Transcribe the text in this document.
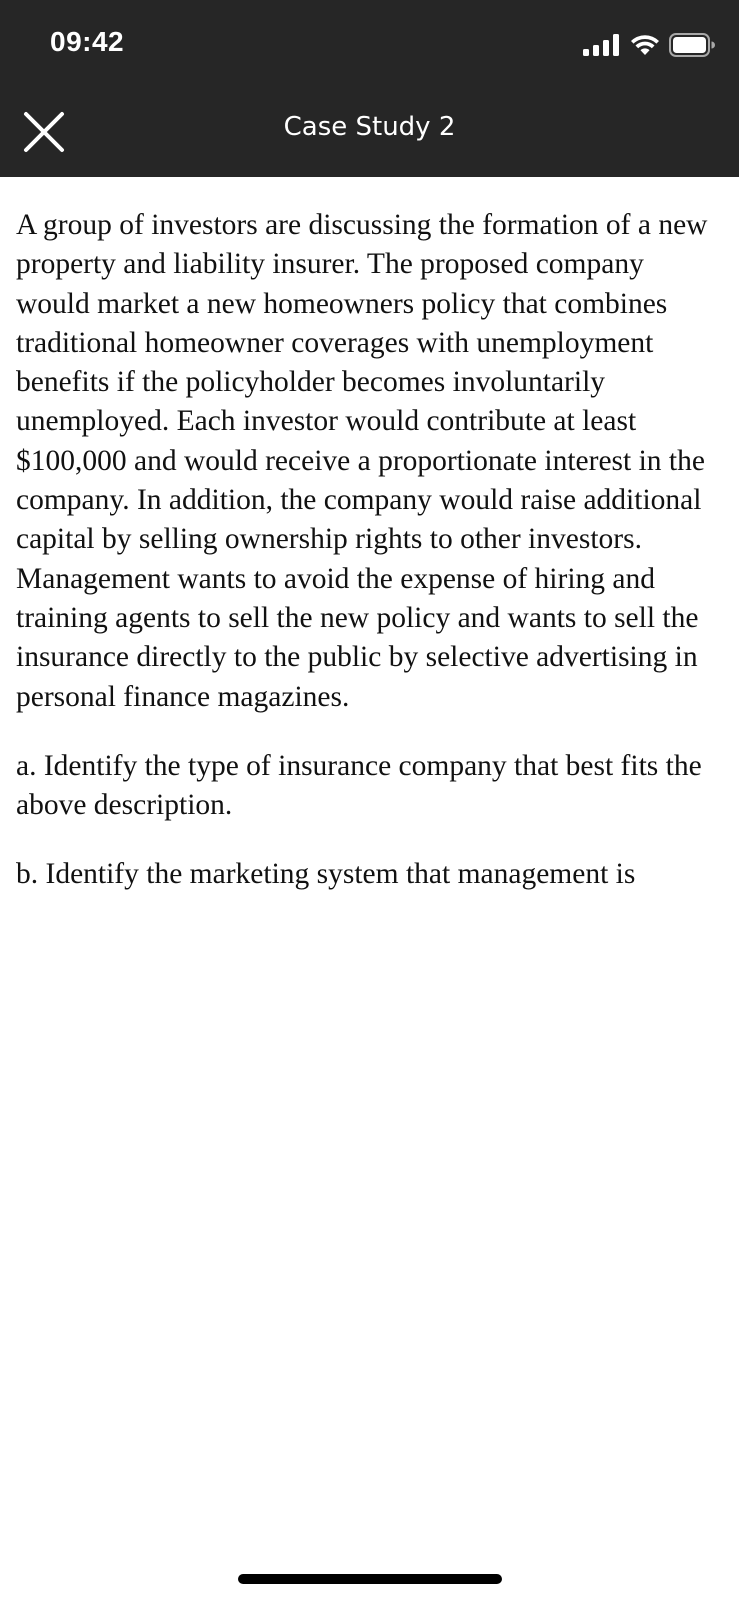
09:42
Case Study 2

A group of investors are discussing the formation of a new property and liability insurer. The proposed company would market a new homeowners policy that combines traditional homeowner coverages with unemployment benefits if the policyholder becomes involuntarily unemployed. Each investor would contribute at least $100,000 and would receive a proportionate interest in the company. In addition, the company would raise additional capital by selling ownership rights to other investors. Management wants to avoid the expense of hiring and training agents to sell the new policy and wants to sell the insurance directly to the public by selective advertising in personal finance magazines.

a. Identify the type of insurance company that best fits the above description.

b. Identify the marketing system that management is
